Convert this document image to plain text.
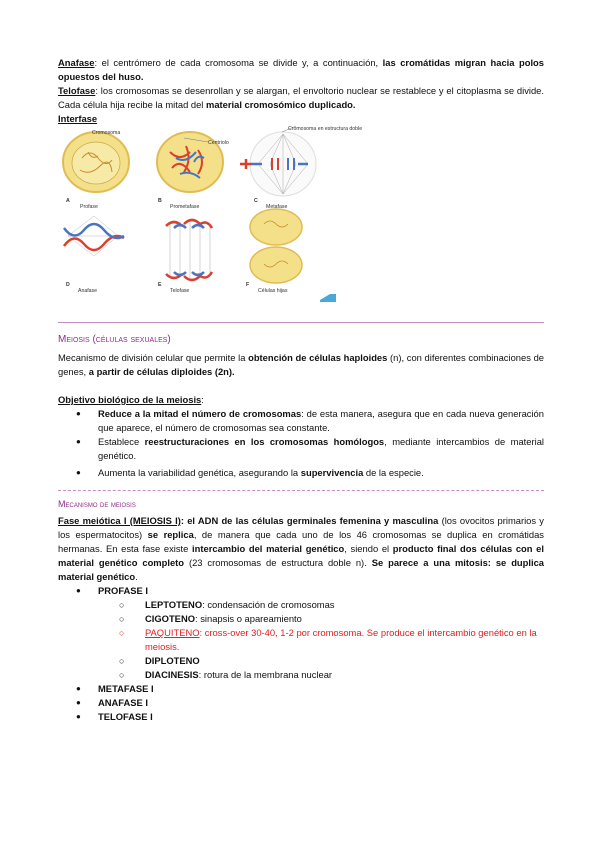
Anafase: el centrómero de cada cromosoma se divide y, a continuación, las cromátidas migran hacia polos opuestos del huso.

Telofase: los cromosomas se desenrollan y se alargan, el envoltorio nuclear se restablece y el citoplasma se divide. Cada célula hija recibe la mitad del material cromosómico duplicado.

Interfase

Cromosoma
Centriolo
Cromosoma en estructura doble
A
Profase
B
Prometafase
C
Metafase
D
Anafase
E
Telofase
F
Células hijas

Meiosis (células sexuales)

Mecanismo de división celular que permite la obtención de células haploides (n), con diferentes combinaciones de genes, a partir de células diploides (2n).

Objetivo biológico de la meiosis:

● Reduce a la mitad el número de cromosomas: de esta manera, asegura que en cada nueva generación que aparece, el número de cromosomas sea constante.
● Establece reestructuraciones en los cromosomas homólogos, mediante intercambios de material genético.
● Aumenta la variabilidad genética, asegurando la supervivencia de la especie.

Mecanismo de meiosis

Fase meiótica I (MEIOSIS I): el ADN de las células germinales femenina y masculina (los ovocitos primarios y los espermatocitos) se replica, de manera que cada uno de los 46 cromosomas se duplica en cromátidas hermanas. En esta fase existe intercambio del material genético, siendo el producto final dos células con el material genético completo (23 cromosomas de estructura doble n). Se parece a una mitosis: se duplica material genético.

● PROFASE I
○ LEPTOTENO: condensación de cromosomas
○ CIGOTENO: sinapsis o apareamiento
○ PAQUITENO: cross-over 30-40, 1-2 por cromosoma. Se produce el intercambio genético en la meiosis.
○ DIPLOTENO
○ DIACINESIS: rotura de la membrana nuclear
● METAFASE I
● ANAFASE I
● TELOFASE I
